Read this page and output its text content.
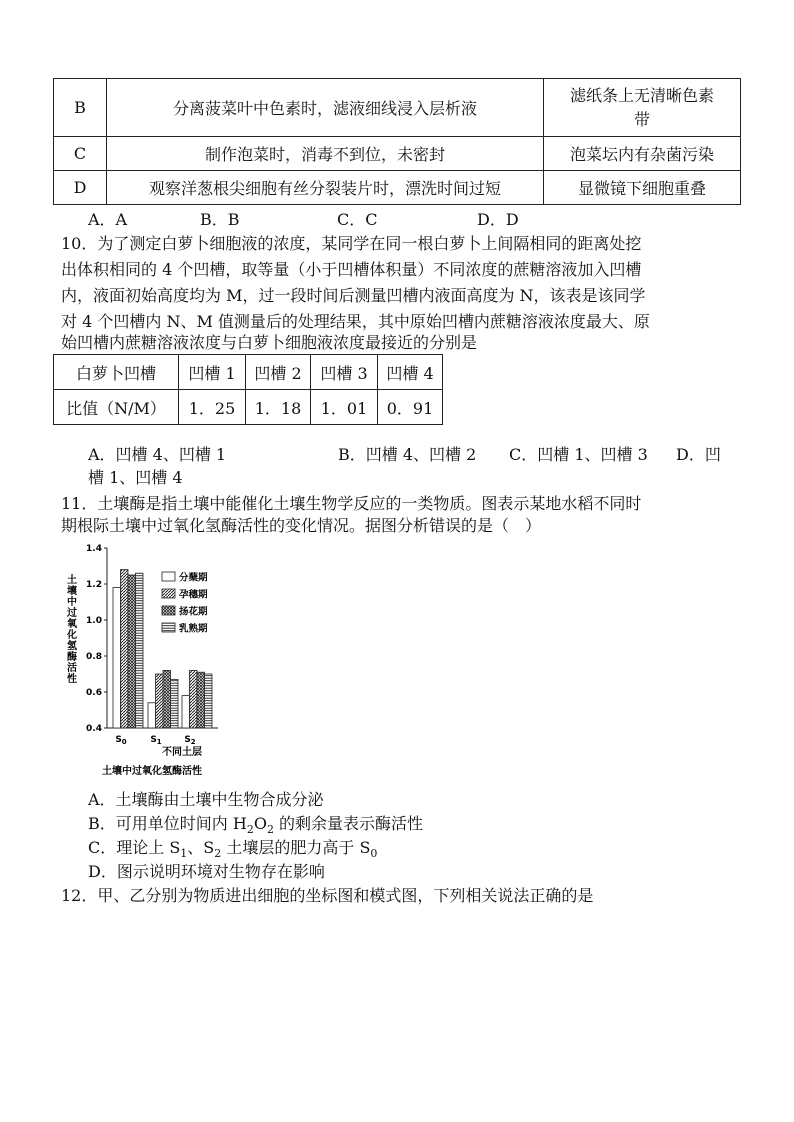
B	分离菠菜叶中色素时，滤液细线浸入层析液	滤纸条上无清晰色素
带

C	制作泡菜时，消毒不到位，未密封	泡菜坛内有杂菌污染
D	观察洋葱根尖细胞有丝分裂装片时，漂洗时间过短	显微镜下细胞重叠
A．A	B．B	C．C	D．D
10．为了测定白萝卜细胞液的浓度，某同学在同一根白萝卜上间隔相同的距离处挖
出体积相同的 4 个凹槽，取等量（小于凹槽体积量）不同浓度的蔗糖溶液加入凹槽
内，液面初始高度均为 M，过一段时间后测量凹槽内液面高度为 N，该表是该同学
对 4 个凹槽内 N、M 值测量后的处理结果，其中原始凹槽内蔗糖溶液浓度最大、原
始凹槽内蔗糖溶液浓度与白萝卜细胞液浓度最接近的分别是
白萝卜凹槽	凹槽 1	凹槽 2	凹槽 3	凹槽 4
比值（N/M）	1．25	1．18	1．01	0．91
A．凹槽 4、凹槽 1	B．凹槽 4、凹槽 2 C．凹槽 1、凹槽 3 D．凹
槽 1、凹槽 4
11．土壤酶是指土壤中能催化土壤生物学反应的一类物质。图表示某地水稻不同时
期根际土壤中过氧化氢酶活性的变化情况。据图分析错误的是（　）
土壤中过氧化氢酶活性
0.4
0.6
0.8
1.0
1.2
1.4
$S_0$	$S_1$	$S_2$
分蘖期
孕穗期
扬花期
乳熟期
不同土层
土壤中过氧化氢酶活性
A．土壤酶由土壤中生物合成分泌
B．可用单位时间内 $H_2O_2$ 的剩余量表示酶活性
C．理论上 $S_1$、$S_2$ 土壤层的肥力高于 $S_0$
D．图示说明环境对生物存在影响
12．甲、乙分别为物质进出细胞的坐标图和模式图，下列相关说法正确的是
